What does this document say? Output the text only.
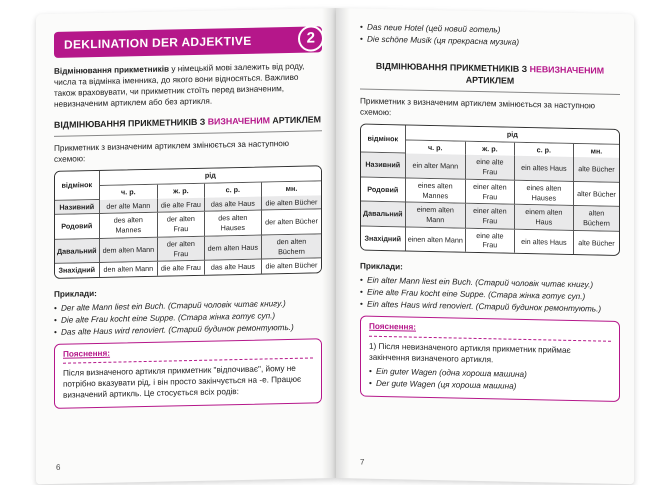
DEKLINATION DER ADJEKTIVE	2

Відмінювання прикметників у німецькій мові залежить від роду, числа та відмінка іменника, до якого вони відносяться. Важливо також враховувати, чи прикметник стоїть перед визначеним, невизначеним артиклем або без артикля.

ВІДМІНЮВАННЯ ПРИКМЕТНИКІВ З ВИЗНАЧЕНИМ АРТИКЛЕМ

Прикметник з визначеним артиклем змінюється за наступною схемою:

відмінок	рід			
	ч. р.	ж. р.	с. р.	мн.
Називний	der alte Mann	die alte Frau	das alte Haus	die alten Bücher
Родовий	des alten Mannes	der alten Frau	des alten Hauses	der alten Bücher
Давальний	dem alten Mann	der alten Frau	dem alten Haus	den alten Büchern
Знахідний	den alten Mann	die alte Frau	das alte Haus	die alten Bücher
Приклади:
• Der alte Mann liest ein Buch. (Старий чоловік читає книгу.)
• Die alte Frau kocht eine Suppe. (Стара жінка готує суп.)
• Das alte Haus wird renoviert. (Старий будинок ремонтують.)
Пояснення:
Після визначеного артикля прикметник "відпочиває", йому не потрібно вказувати рід, і він просто закінчується на -е. Працює визначений артикль. Це стосується всіх родів:
6
• Das neue Hotel (цей новий готель)
• Die schöne Musik (ця прекрасна музика)
ВІДМІНЮВАННЯ ПРИКМЕТНИКІВ З НЕВИЗНАЧЕНИМ АРТИКЛЕМ

Прикметник з визначеним артиклем змінюється за наступною схемою:

відмінок	рід			
	ч. р.	ж. р.	с. р.	мн.
Називний	ein alter Mann	eine alte Frau	ein altes Haus	alte Bücher
Родовий	eines alten Mannes	einer alten Frau	eines alten Hauses	alter Bücher
Давальний	einem alten Mann	einer alten Frau	einem alten Haus	alten Büchern
Знахідний	einen alten Mann	eine alte Frau	ein altes Haus	alte Bücher
Приклади:
• Ein alter Mann liest ein Buch. (Старий чоловік читає книгу.)
• Eine alte Frau kocht eine Suppe. (Стара жінка готує суп.)
• Ein altes Haus wird renoviert. (Старий будинок ремонтують.)
Пояснення:
1) Після невизначеного артикля прикметник приймає закінчення визначеного артикля.
• Ein guter Wagen (одна хороша машина)
• Der gute Wagen (ця хороша машина)
7
